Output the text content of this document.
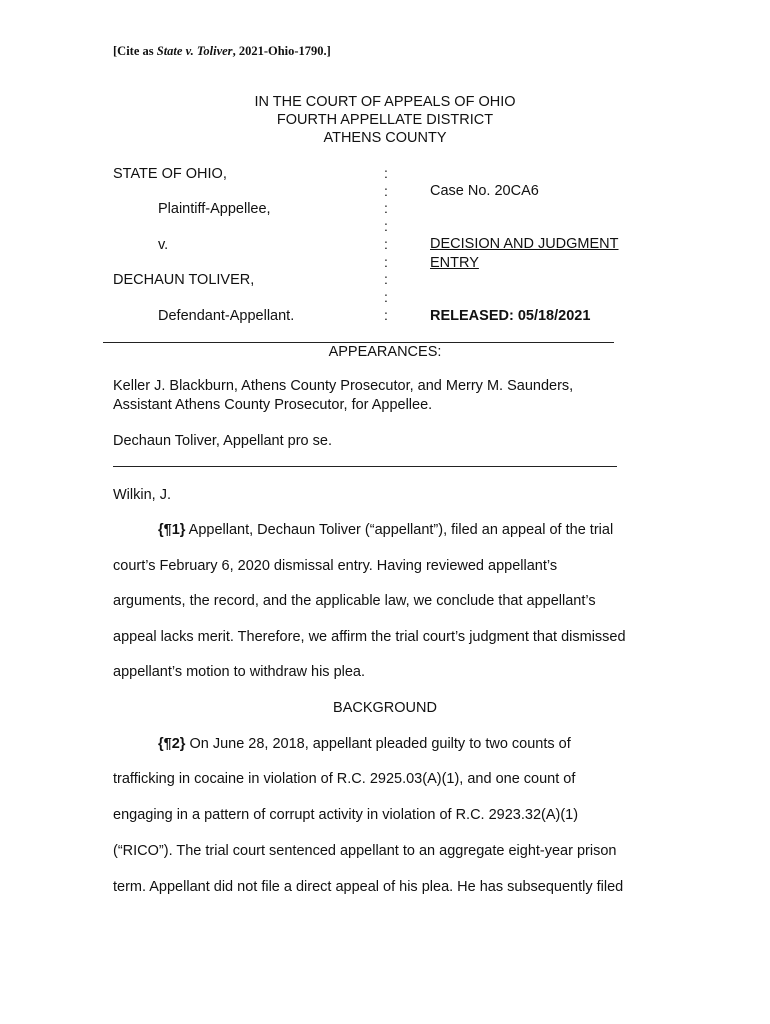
[Cite as State v. Toliver, 2021-Ohio-1790.]
IN THE COURT OF APPEALS OF OHIO
FOURTH APPELLATE DISTRICT
ATHENS COUNTY
STATE OF OHIO,
Plaintiff-Appellee,
v.
DECHAUN TOLIVER,
Defendant-Appellant.
:
:
:
:
:
:
:
:
:
Case No. 20CA6
DECISION AND JUDGMENT
ENTRY
RELEASED: 05/18/2021
APPEARANCES:
Keller J. Blackburn, Athens County Prosecutor, and Merry M. Saunders,
Assistant Athens County Prosecutor, for Appellee.
Dechaun Toliver, Appellant pro se.
Wilkin, J.
{¶1} Appellant, Dechaun Toliver (“appellant”), filed an appeal of the trial
court’s February 6, 2020 dismissal entry. Having reviewed appellant’s
arguments, the record, and the applicable law, we conclude that appellant’s
appeal lacks merit. Therefore, we affirm the trial court’s judgment that dismissed
appellant’s motion to withdraw his plea.
BACKGROUND
{¶2} On June 28, 2018, appellant pleaded guilty to two counts of
trafficking in cocaine in violation of R.C. 2925.03(A)(1), and one count of
engaging in a pattern of corrupt activity in violation of R.C. 2923.32(A)(1)
(“RICO”). The trial court sentenced appellant to an aggregate eight-year prison
term. Appellant did not file a direct appeal of his plea. He has subsequently filed
